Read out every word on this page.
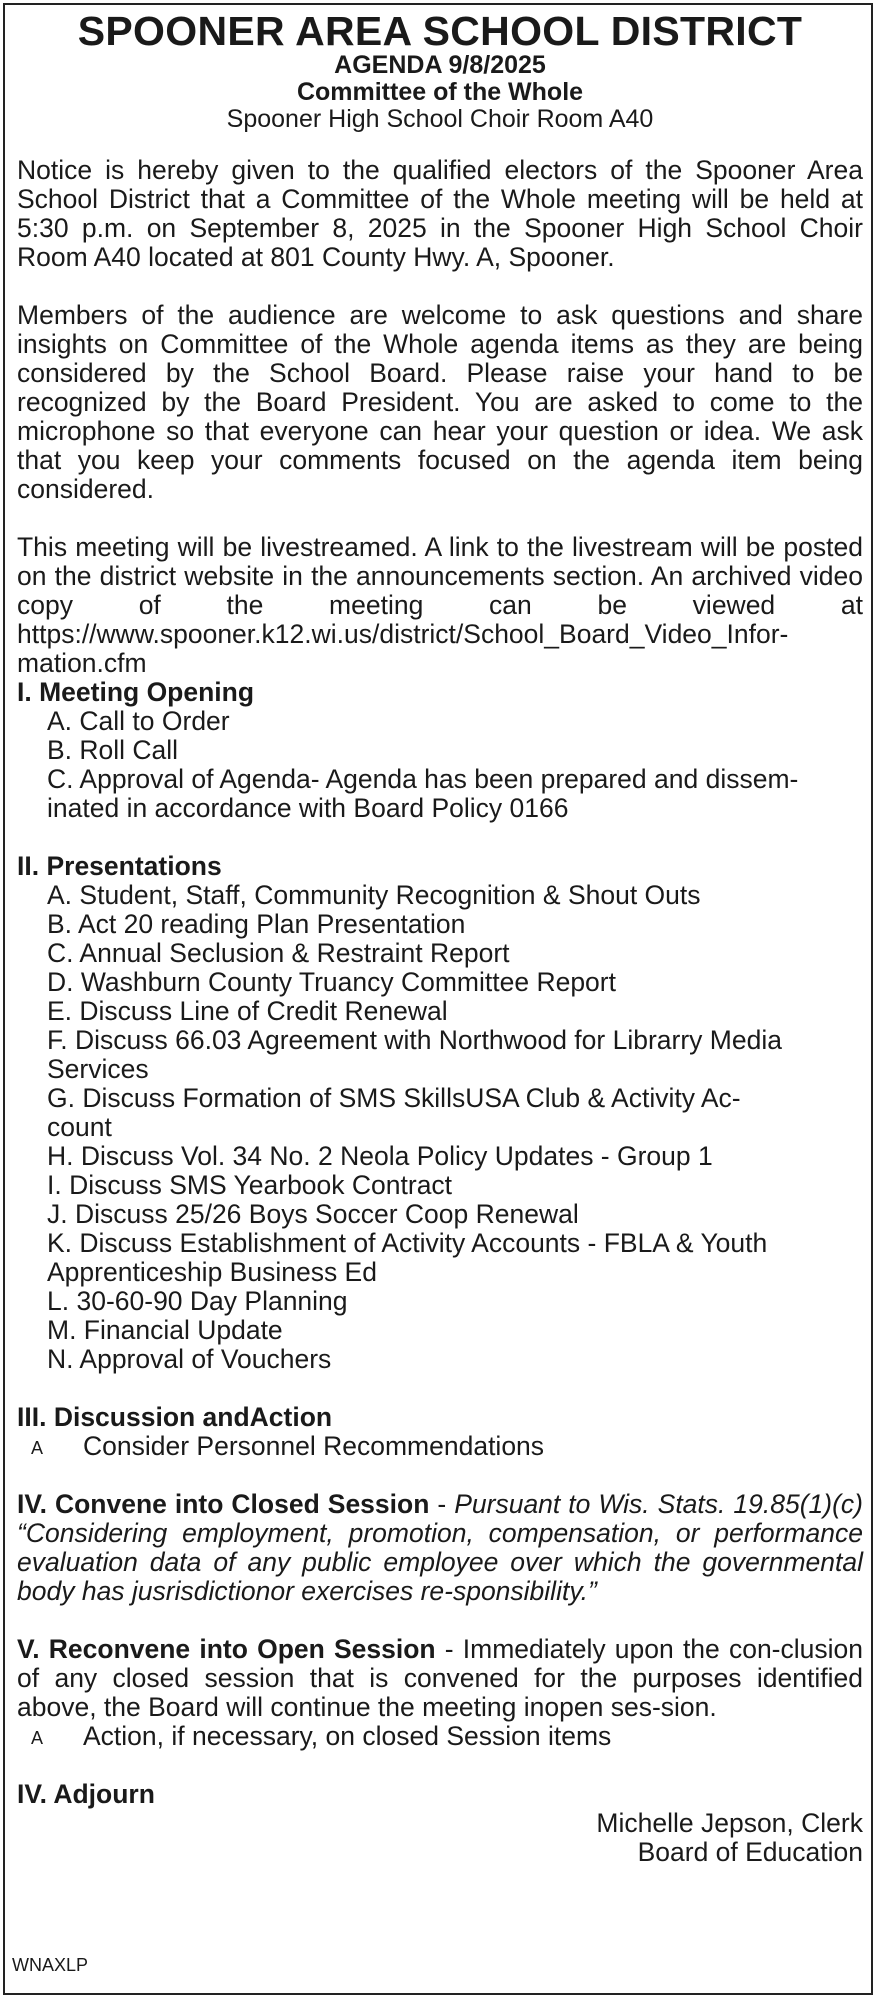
SPOONER AREA SCHOOL DISTRICT
AGENDA 9/8/2025
Committee of the Whole
Spooner High School Choir Room A40

Notice is hereby given to the qualified electors of the Spooner Area School District that a Committee of the Whole meeting will be held at 5:30 p.m. on September 8, 2025 in the Spooner High School Choir Room A40 located at 801 County Hwy. A, Spooner.

Members of the audience are welcome to ask questions and share insights on Committee of the Whole agenda items as they are being considered by the School Board. Please raise your hand to be recognized by the Board President. You are asked to come to the microphone so that everyone can hear your question or idea. We ask that you keep your comments focused on the agenda item being considered.

This meeting will be livestreamed. A link to the livestream will be posted on the district website in the announcements section. An archived video copy of the meeting can be viewed at https://www.spooner.k12.wi.us/district/School_Board_Video_Infor-mation.cfm

I. Meeting Opening

A. Call to Order

B. Roll Call

C. Approval of Agenda- Agenda has been prepared and dissem-

inated in accordance with Board Policy 0166

II. Presentations

A. Student, Staff, Community Recognition & Shout Outs

B. Act 20 reading Plan Presentation

C. Annual Seclusion & Restraint Report

D. Washburn County Truancy Committee Report

E. Discuss Line of Credit Renewal

F. Discuss 66.03 Agreement with Northwood for Librarry Media

Services

G. Discuss Formation of SMS SkillsUSA Club & Activity Ac-

count

H. Discuss Vol. 34 No. 2 Neola Policy Updates - Group 1

I. Discuss SMS Yearbook Contract

J. Discuss 25/26 Boys Soccer Coop Renewal

K. Discuss Establishment of Activity Accounts - FBLA & Youth

Apprenticeship Business Ed

L. 30-60-90 Day Planning

M. Financial Update

N. Approval of Vouchers

III. Discussion andAction

A Consider Personnel Recommendations

IV. Convene into Closed Session - Pursuant to Wis. Stats. 19.85(1)(c) “Considering employment, promotion, compensation, or performance evaluation data of any public employee over which the governmental body has jusrisdictionor exercises re-sponsibility.”

V. Reconvene into Open Session - Immediately upon the con-clusion of any closed session that is convened for the purposes identified above, the Board will continue the meeting inopen ses-sion.

A Action, if necessary, on closed Session items

IV. Adjourn

Michelle Jepson, Clerk

Board of Education

WNAXLP
